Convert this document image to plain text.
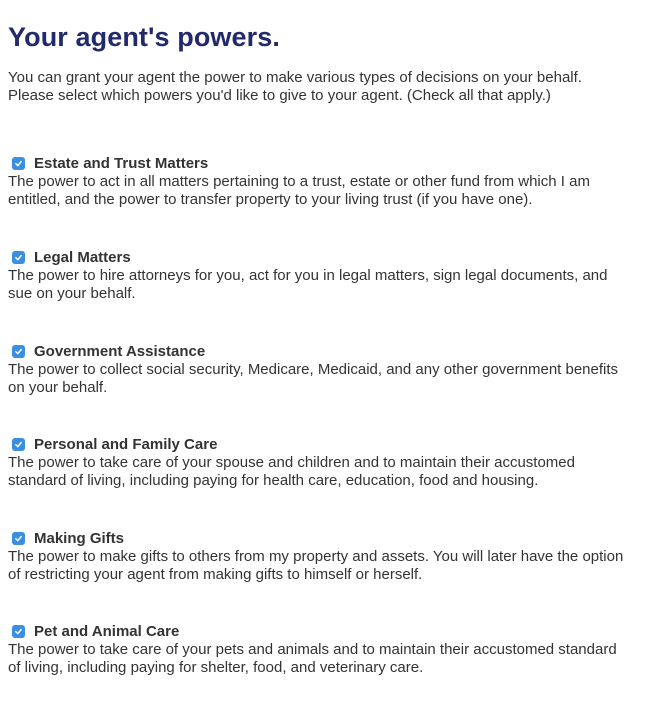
Your agent's powers.

You can grant your agent the power to make various types of decisions on your behalf.
Please select which powers you'd like to give to your agent. (Check all that apply.)

Estate and Trust Matters

The power to act in all matters pertaining to a trust, estate or other fund from which I am
entitled, and the power to transfer property to your living trust (if you have one).

Legal Matters

The power to hire attorneys for you, act for you in legal matters, sign legal documents, and
sue on your behalf.

Government Assistance

The power to collect social security, Medicare, Medicaid, and any other government benefits
on your behalf.

Personal and Family Care

The power to take care of your spouse and children and to maintain their accustomed
standard of living, including paying for health care, education, food and housing.

Making Gifts

The power to make gifts to others from my property and assets. You will later have the option
of restricting your agent from making gifts to himself or herself.

Pet and Animal Care

The power to take care of your pets and animals and to maintain their accustomed standard
of living, including paying for shelter, food, and veterinary care.
